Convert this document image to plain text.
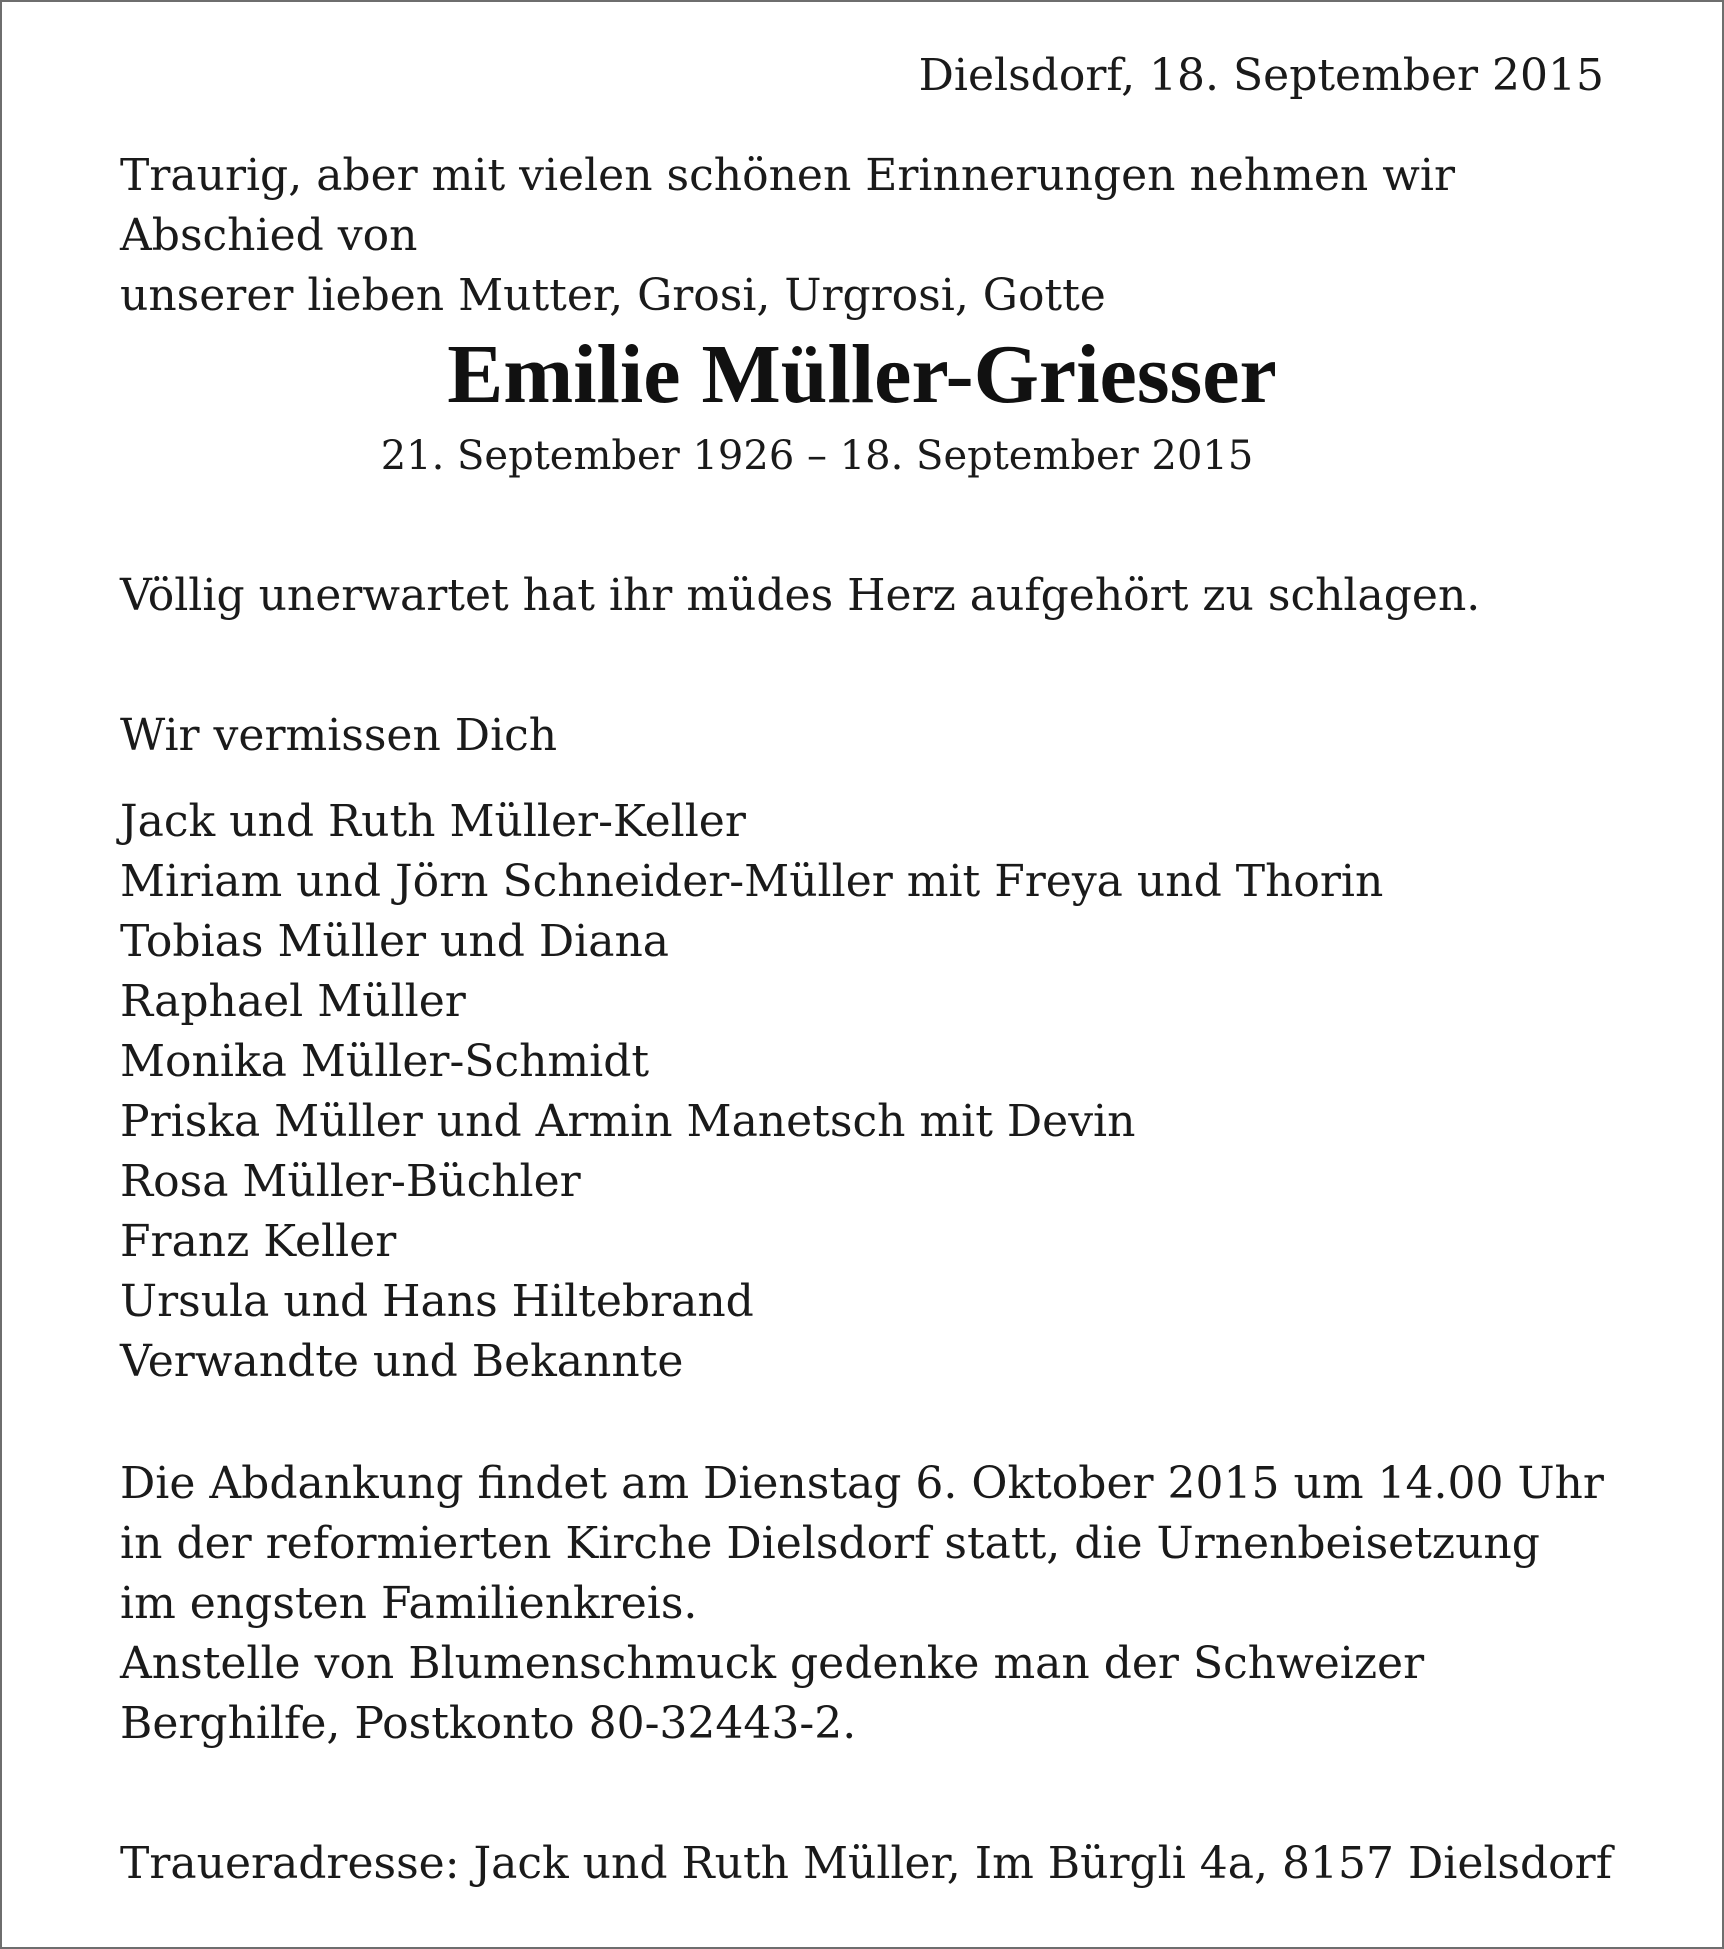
Dielsdorf, 18. September 2015

Traurig, aber mit vielen schönen Erinnerungen nehmen wir Abschied von
unserer lieben Mutter, Grosi, Urgrosi, Gotte

Emilie Müller-Griesser

21. September 1926 – 18. September 2015

Völlig unerwartet hat ihr müdes Herz aufgehört zu schlagen.

Wir vermissen Dich

Jack und Ruth Müller-Keller
Miriam und Jörn Schneider-Müller mit Freya und Thorin
Tobias Müller und Diana
Raphael Müller
Monika Müller-Schmidt
Priska Müller und Armin Manetsch mit Devin
Rosa Müller-Büchler
Franz Keller
Ursula und Hans Hiltebrand
Verwandte und Bekannte

Die Abdankung findet am Dienstag 6. Oktober 2015 um 14.00 Uhr
in der reformierten Kirche Dielsdorf statt, die Urnenbeisetzung
im engsten Familienkreis.
Anstelle von Blumenschmuck gedenke man der Schweizer
Berghilfe, Postkonto 80-32443-2.

Traueradresse: Jack und Ruth Müller, Im Bürgli 4a, 8157 Dielsdorf
